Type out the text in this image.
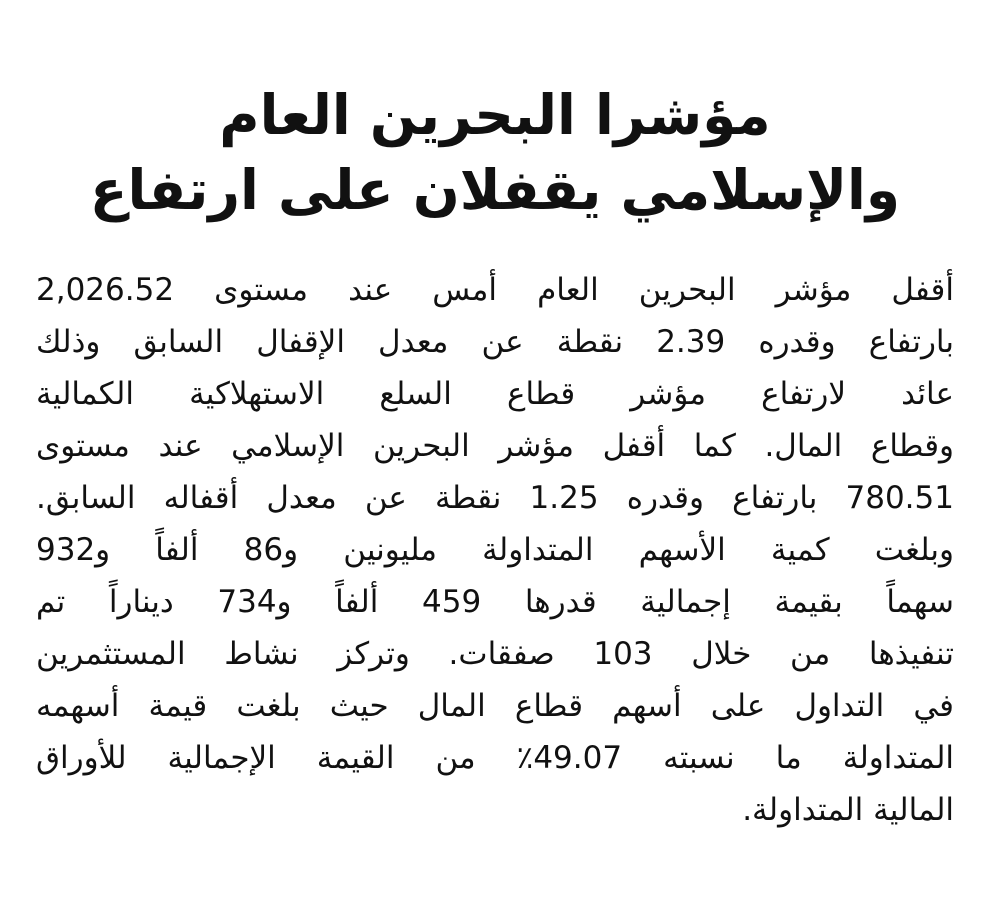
مؤشرا البحرين العام
والإسلامي يقفلان على ارتفاع
أقفل مؤشر البحرين العام أمس عند مستوى 2,026.52
بارتفاع وقدره 2.39 نقطة عن معدل الإقفال السابق وذلك
عائد لارتفاع مؤشر قطاع السلع الاستهلاكية الكمالية
وقطاع المال. كما أقفل مؤشر البحرين الإسلامي عند مستوى
780.51 بارتفاع وقدره 1.25 نقطة عن معدل أقفاله السابق.
وبلغت كمية الأسهم المتداولة مليونين و86 ألفاً و932
سهماً بقيمة إجمالية قدرها 459 ألفاً و734 ديناراً تم
تنفيذها من خلال 103 صفقات. وتركز نشاط المستثمرين
في التداول على أسهم قطاع المال حيث بلغت قيمة أسهمه
المتداولة ما نسبته 49.07٪ من القيمة الإجمالية للأوراق
المالية المتداولة.
